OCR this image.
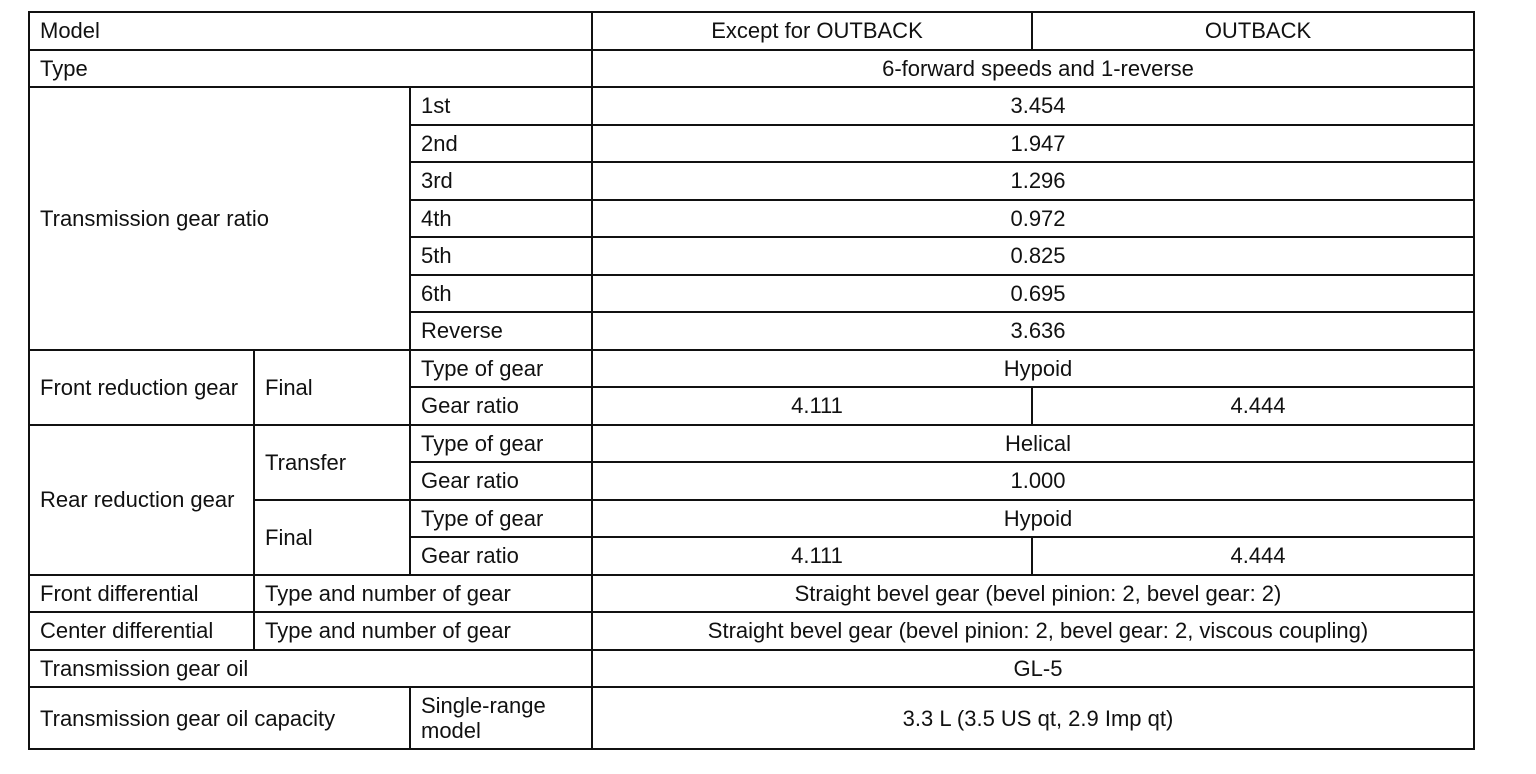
Model			Except for OUTBACK	OUTBACK
Type			6-forward speeds and 1-reverse	
Transmission gear ratio		1st	3.454	
		2nd	1.947	
		3rd	1.296	
		4th	0.972	
		5th	0.825	
		6th	0.695	
		Reverse	3.636	
Front reduction gear	Final	Type of gear	Hypoid	
		Gear ratio	4.111	4.444
Rear reduction gear	Transfer	Type of gear	Helical	
		Gear ratio	1.000	
	Final	Type of gear	Hypoid	
		Gear ratio	4.111	4.444
Front differential	Type and number of gear		Straight bevel gear (bevel pinion: 2, bevel gear: 2)	
Center differential	Type and number of gear		Straight bevel gear (bevel pinion: 2, bevel gear: 2, viscous coupling)	
Transmission gear oil			GL-5	
Transmission gear oil capacity		Single-range model	3.3 L (3.5 US qt, 2.9 Imp qt)	
